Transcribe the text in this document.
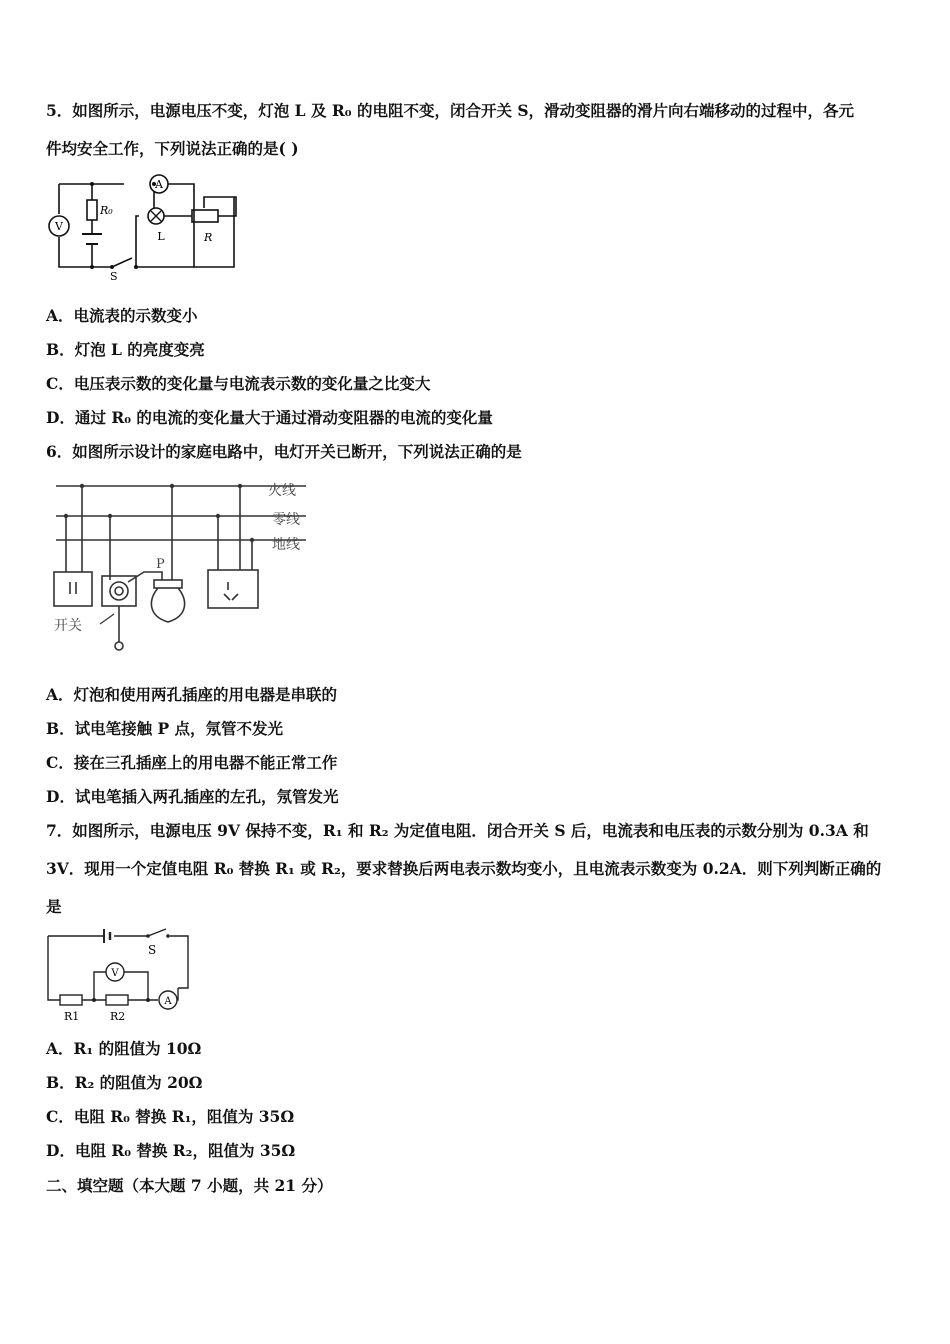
5．如图所示，电源电压不变，灯泡 L 及 R₀ 的电阻不变，闭合开关 S，滑动变阻器的滑片向右端移动的过程中，各元
件均安全工作，下列说法正确的是( )
A
V
R₀
L	R
S
A．电流表的示数变小
B．灯泡 L 的亮度变亮
C．电压表示数的变化量与电流表示数的变化量之比变大
D．通过 R₀ 的电流的变化量大于通过滑动变阻器的电流的变化量
6．如图所示设计的家庭电路中，电灯开关已断开，下列说法正确的是
火线
零线
地线
P
开关
A．灯泡和使用两孔插座的用电器是串联的
B．试电笔接触 P 点，氖管不发光
C．接在三孔插座上的用电器不能正常工作
D．试电笔插入两孔插座的左孔，氖管发光
7．如图所示，电源电压 9V 保持不变，R₁ 和 R₂ 为定值电阻．闭合开关 S 后，电流表和电压表的示数分别为 0.3A 和
3V．现用一个定值电阻 R₀ 替换 R₁ 或 R₂，要求替换后两电表示数均变小，且电流表示数变为 0.2A．则下列判断正确的
是
S
V
A
R1	R2
A．R₁ 的阻值为 10Ω
B．R₂ 的阻值为 20Ω
C．电阻 R₀ 替换 R₁，阻值为 35Ω
D．电阻 R₀ 替换 R₂，阻值为 35Ω
二、填空题（本大题 7 小题，共 21 分）
